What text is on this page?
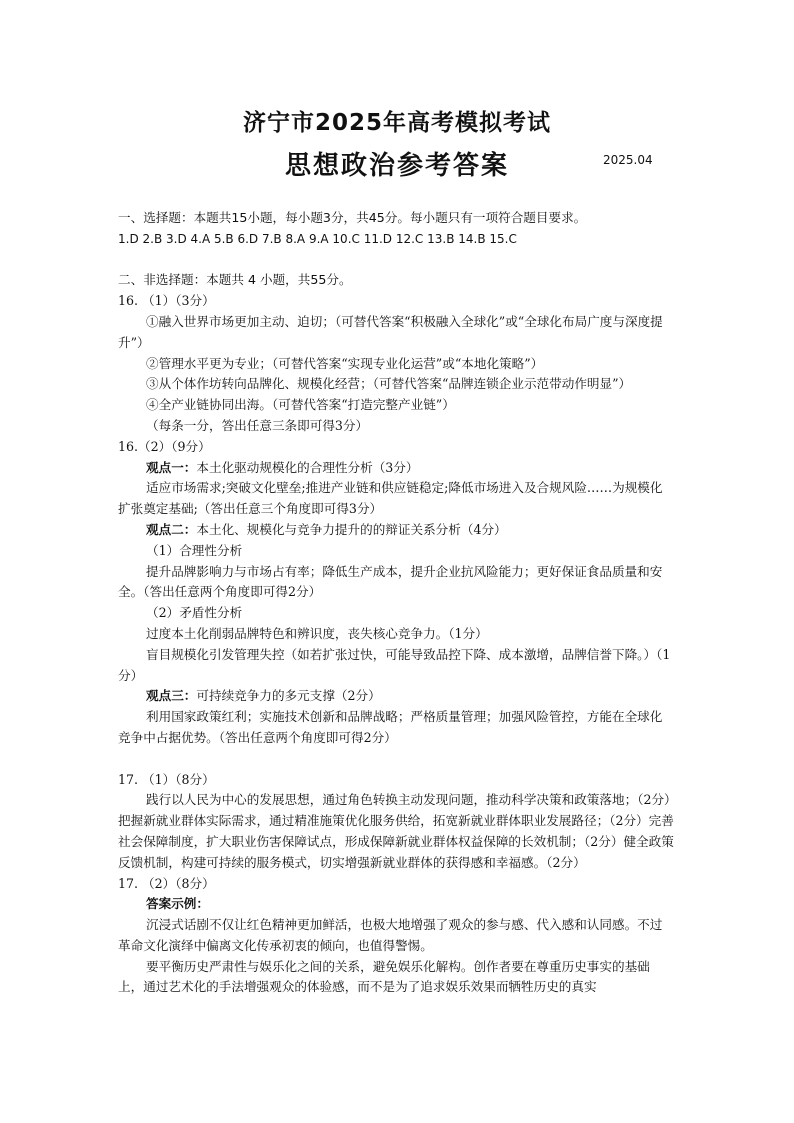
济宁市2025年高考模拟考试
思想政治参考答案	2025.04

一、选择题：本题共15小题，每小题3分，共45分。每小题只有一项符合题目要求。

1.D 2.B 3.D 4.A 5.B 6.D 7.B 8.A 9.A 10.C 11.D 12.C 13.B 14.B 15.C

二、非选择题：本题共 4 小题，共55分。

16. （1）（3分）

①融入世界市场更加主动、迫切；（可替代答案“积极融入全球化”或“全球化布局广度与深度提升”）

②管理水平更为专业；（可替代答案“实现专业化运营”或“本地化策略”）

③从个体作坊转向品牌化、规模化经营；（可替代答案“品牌连锁企业示范带动作明显”）

④全产业链协同出海。（可替代答案“打造完整产业链”）

（每条一分，答出任意三条即可得3分）

16.（2）（9分）

观点一：本土化驱动规模化的合理性分析（3分）

适应市场需求;突破文化壁垒;推进产业链和供应链稳定;降低市场进入及合规风险……为规模化扩张奠定基础;（答出任意三个角度即可得3分）

观点二：本土化、规模化与竞争力提升的的辩证关系分析（4分）

（1）合理性分析

提升品牌影响力与市场占有率；降低生产成本，提升企业抗风险能力；更好保证食品质量和安全。（答出任意两个角度即可得2分）

（2）矛盾性分析

过度本土化削弱品牌特色和辨识度，丧失核心竞争力。（1分）

盲目规模化引发管理失控（如若扩张过快，可能导致品控下降、成本激增，品牌信誉下降。）（1分）

观点三：可持续竞争力的多元支撑（2分）

利用国家政策红利；实施技术创新和品牌战略；严格质量管理；加强风险管控，方能在全球化竞争中占据优势。（答出任意两个角度即可得2分）

17. （1）（8分）

践行以人民为中心的发展思想，通过角色转换主动发现问题，推动科学决策和政策落地；（2分）把握新就业群体实际需求，通过精准施策优化服务供给，拓宽新就业群体职业发展路径；（2分）完善社会保障制度，扩大职业伤害保障试点，形成保障新就业群体权益保障的长效机制；（2分）健全政策反馈机制，构建可持续的服务模式，切实增强新就业群体的获得感和幸福感。（2分）

17. （2）（8分）

答案示例：

沉浸式话剧不仅让红色精神更加鲜活，也极大地增强了观众的参与感、代入感和认同感。不过革命文化演绎中偏离文化传承初衷的倾向，也值得警惕。

要平衡历史严肃性与娱乐化之间的关系，避免娱乐化解构。创作者要在尊重历史事实的基础上，通过艺术化的手法增强观众的体验感，而不是为了追求娱乐效果而牺牲历史的真实
